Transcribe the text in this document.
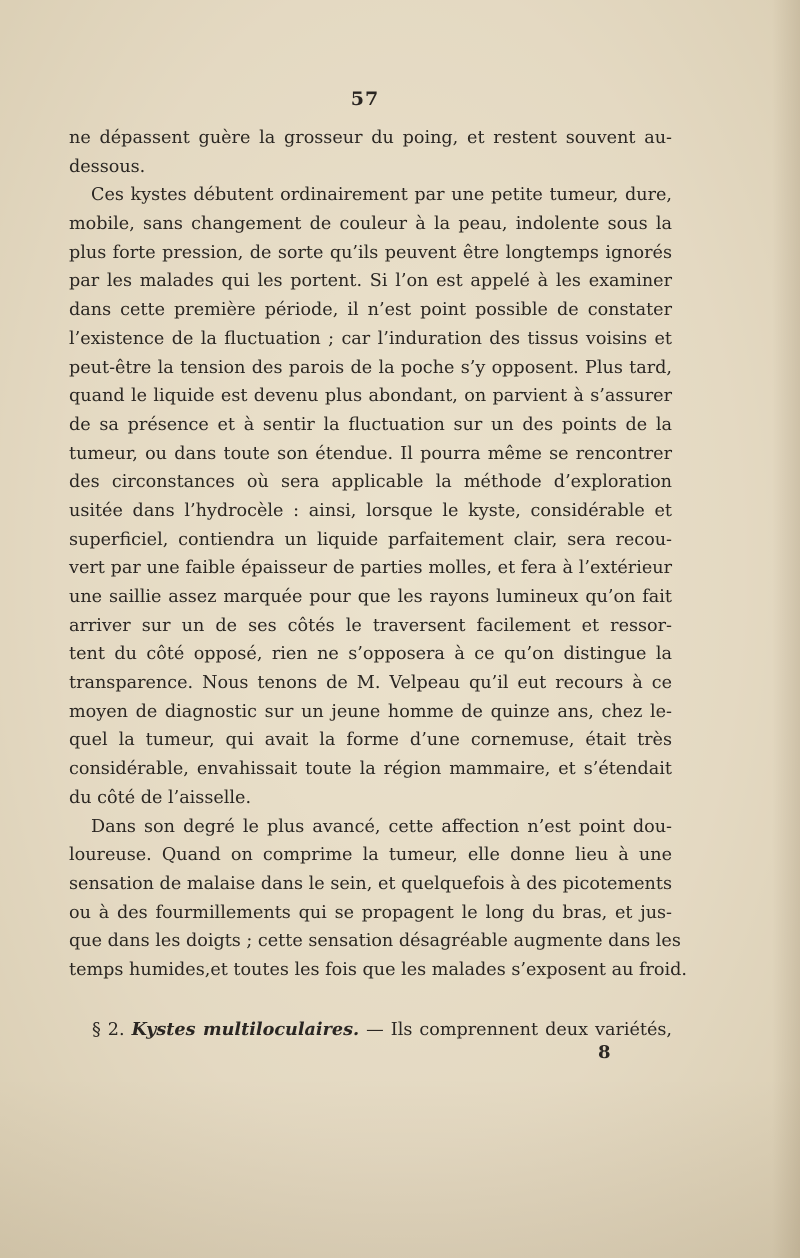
57
ne dépassent guère la grosseur du poing, et restent souvent au-
dessous.
Ces kystes débutent ordinairement par une petite tumeur, dure,
mobile, sans changement de couleur à la peau, indolente sous la
plus forte pression, de sorte qu’ils peuvent être longtemps ignorés
par les malades qui les portent. Si l’on est appelé à les examiner
dans cette première période, il n’est point possible de constater
l’existence de la fluctuation ; car l’induration des tissus voisins et
peut-être la tension des parois de la poche s’y opposent. Plus tard,
quand le liquide est devenu plus abondant, on parvient à s’assurer
de sa présence et à sentir la fluctuation sur un des points de la
tumeur, ou dans toute son étendue. Il pourra même se rencontrer
des circonstances où sera applicable la méthode d’exploration
usitée dans l’hydrocèle : ainsi, lorsque le kyste, considérable et
superficiel, contiendra un liquide parfaitement clair, sera recou-
vert par une faible épaisseur de parties molles, et fera à l’extérieur
une saillie assez marquée pour que les rayons lumineux qu’on fait
arriver sur un de ses côtés le traversent facilement et ressor-
tent du côté opposé, rien ne s’opposera à ce qu’on distingue la
transparence. Nous tenons de M. Velpeau qu’il eut recours à ce
moyen de diagnostic sur un jeune homme de quinze ans, chez le-
quel la tumeur, qui avait la forme d’une cornemuse, était très
considérable, envahissait toute la région mammaire, et s’étendait
du côté de l’aisselle.
Dans son degré le plus avancé, cette affection n’est point dou-
loureuse. Quand on comprime la tumeur, elle donne lieu à une
sensation de malaise dans le sein, et quelquefois à des picotements
ou à des fourmillements qui se propagent le long du bras, et jus-
que dans les doigts ; cette sensation désagréable augmente dans les
temps humides,et toutes les fois que les malades s’exposent au froid.
§ 2. Kystes multiloculaires. — Ils comprennent deux variétés,
8
